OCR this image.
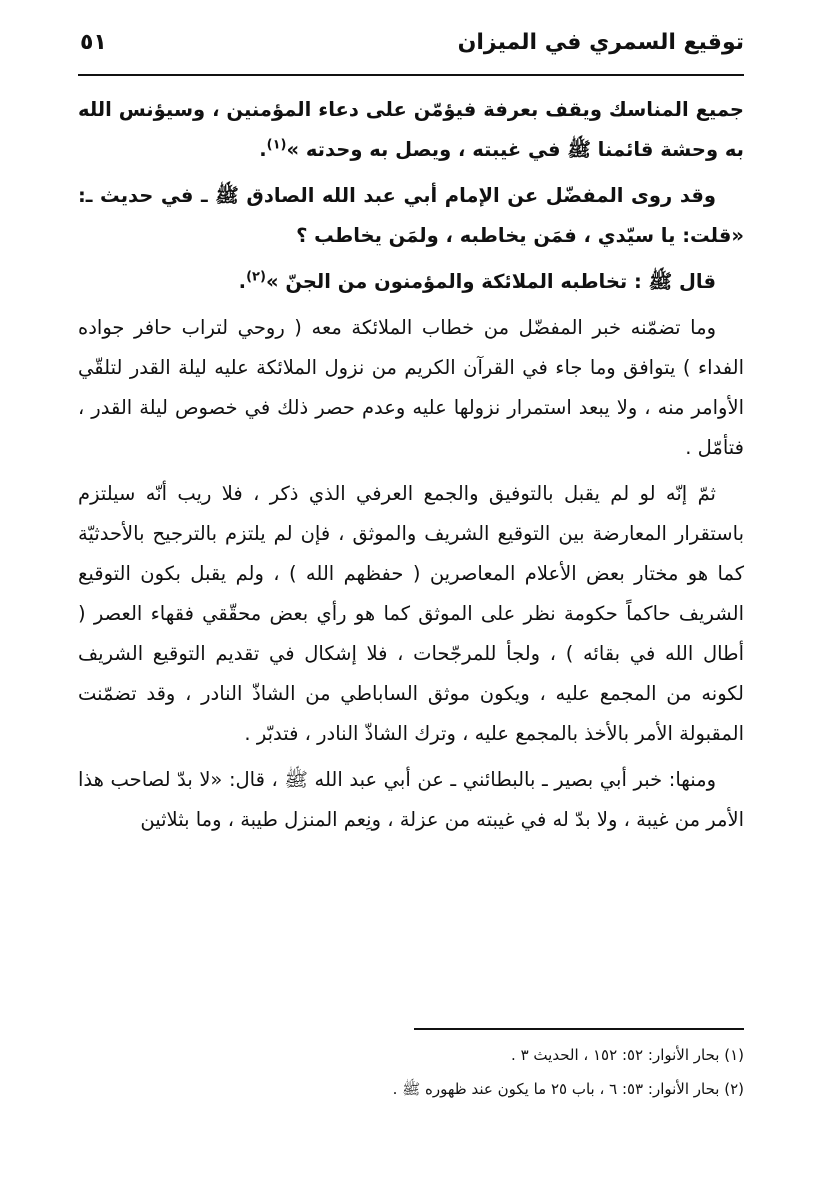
توقيع السمري في الميزان
٥١

جميع المناسك ويقف بعرفة فيؤمّن على دعاء المؤمنين ، وسيؤنس الله به وحشة قائمنا ﷺ في غيبته ، ويصل به وحدته »$^{(١)}$.

وقد روى المفضّل عن الإمام أبي عبد الله الصادق ﷺ ـ في حديث ـ: «قلت: يا سيّدي ، فمَن يخاطبه ، ولمَن يخاطب ؟

قال ﷺ : تخاطبه الملائكة والمؤمنون من الجنّ »$^{(٢)}$.

وما تضمّنه خبر المفضّل من خطاب الملائكة معه ( روحي لتراب حافر جواده الفداء ) يتوافق وما جاء في القرآن الكريم من نزول الملائكة عليه ليلة القدر لتلقّي الأوامر منه ، ولا يبعد استمرار نزولها عليه وعدم حصر ذلك في خصوص ليلة القدر ، فتأمّل .

ثمّ إنّه لو لم يقبل بالتوفيق والجمع العرفي الذي ذكر ، فلا ريب أنّه سيلتزم باستقرار المعارضة بين التوقيع الشريف والموثق ، فإن لم يلتزم بالترجيح بالأحدثيّة كما هو مختار بعض الأعلام المعاصرين ( حفظهم الله ) ، ولم يقبل بكون التوقيع الشريف حاكماً حكومة نظر على الموثق كما هو رأي بعض محقّقي فقهاء العصر ( أطال الله في بقائه ) ، ولجأ للمرجّحات ، فلا إشكال في تقديم التوقيع الشريف لكونه من المجمع عليه ، ويكون موثق الساباطي من الشاذّ النادر ، وقد تضمّنت المقبولة الأمر بالأخذ بالمجمع عليه ، وترك الشاذّ النادر ، فتدبّر .

ومنها: خبر أبي بصير ـ بالبطائني ـ عن أبي عبد الله ﷺ ، قال: «لا بدّ لصاحب هذا الأمر من غيبة ، ولا بدّ له في غيبته من عزلة ، ونِعم المنزل طيبة ، وما بثلاثين

(١) بحار الأنوار: ٥٢: ١٥٢ ، الحديث ٣ .
(٢) بحار الأنوار: ٥٣: ٦ ، باب ٢٥ ما يكون عند ظهوره ﷺ .
